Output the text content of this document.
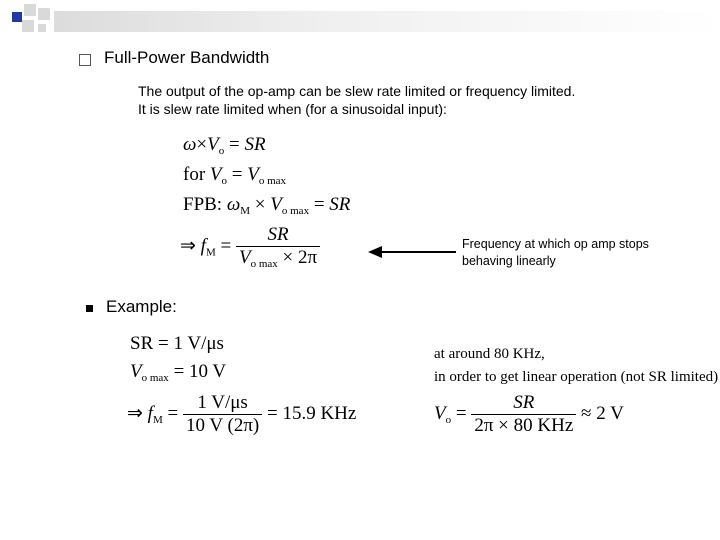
Full-Power Bandwidth
The output of the op-amp can be slew rate limited or frequency limited.
It is slew rate limited when (for a sinusoidal input):
$\omega\times V_o$ = SR
for $V_o = V_{o max}$
FPB: $\omega_M \times V_{o max}$ = SR
⇒ $f_M = \frac{SR}{V_{o max} \times 2\pi}$	Frequency at which op amp stops
behaving linearly
Example:
SR = 1 V/μs
$V_{o max} = 10$ V
⇒ $f_M = \frac{1 V/\mu s}{10 V (2\pi)} = 15.9$ KHz
at around 80 KHz,
in order to get linear operation (not SR limited)
$V_o = \frac{SR}{\text{2π × 80 KHz}} \approx 2$ V
